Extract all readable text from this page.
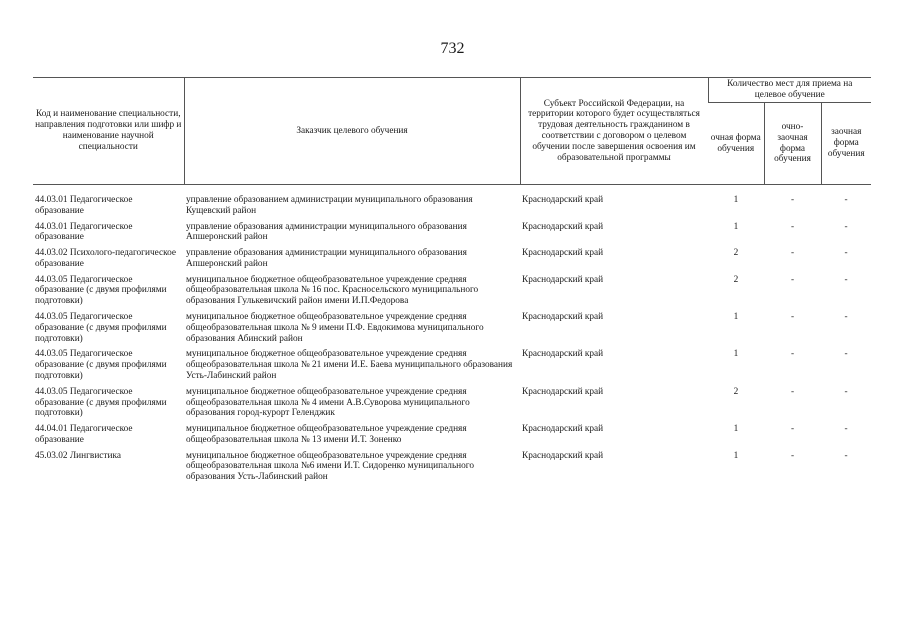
732
Код и наименование специальности, направления подготовки или шифр и наименование научной специальности	Заказчик целевого обучения	Субъект Российской Федерации, на территории которого будет осуществляться трудовая деятельность гражданином в соответствии с договором о целевом обучении после завершения освоения им образовательной программы	Количество мест для приема на целевое обучение		
			очная форма обучения	очно-заочная форма обучения	заочная форма обучения

44.03.01 Педагогическое образование	управление образованием администрации муниципального образования Кущевский район	Краснодарский край	1	-	-
44.03.01 Педагогическое образование	управление образования администрации муниципального образования Апшеронский район	Краснодарский край	1	-	-
44.03.02 Психолого-педагогическое образование	управление образования администрации муниципального образования Апшеронский район	Краснодарский край	2	-	-
44.03.05 Педагогическое образование (с двумя профилями подготовки)	муниципальное бюджетное общеобразовательное учреждение средняя общеобразовательная школа № 16 пос. Красносельского муниципального образования Гулькевичский район имени И.П.Федорова	Краснодарский край	2	-	-
44.03.05 Педагогическое образование (с двумя профилями подготовки)	муниципальное бюджетное общеобразовательное учреждение средняя общеобразовательная школа № 9 имени П.Ф. Евдокимова муниципального образования Абинский район	Краснодарский край	1	-	-
44.03.05 Педагогическое образование (с двумя профилями подготовки)	муниципальное бюджетное общеобразовательное учреждение средняя общеобразовательная школа № 21 имени И.Е. Баева муниципального образования Усть-Лабинский район	Краснодарский край	1	-	-
44.03.05 Педагогическое образование (с двумя профилями подготовки)	муниципальное бюджетное общеобразовательное учреждение средняя общеобразовательная школа № 4 имени А.В.Суворова муниципального образования город-курорт Геленджик	Краснодарский край	2	-	-
44.04.01 Педагогическое образование	муниципальное бюджетное общеобразовательное учреждение средняя общеобразовательная школа № 13 имени И.Т. Зоненко	Краснодарский край	1	-	-
45.03.02 Лингвистика	муниципальное бюджетное общеобразовательное учреждение средняя общеобразовательная школа №6 имени И.Т. Сидоренко муниципального образования Усть-Лабинский район	Краснодарский край	1	-	-
